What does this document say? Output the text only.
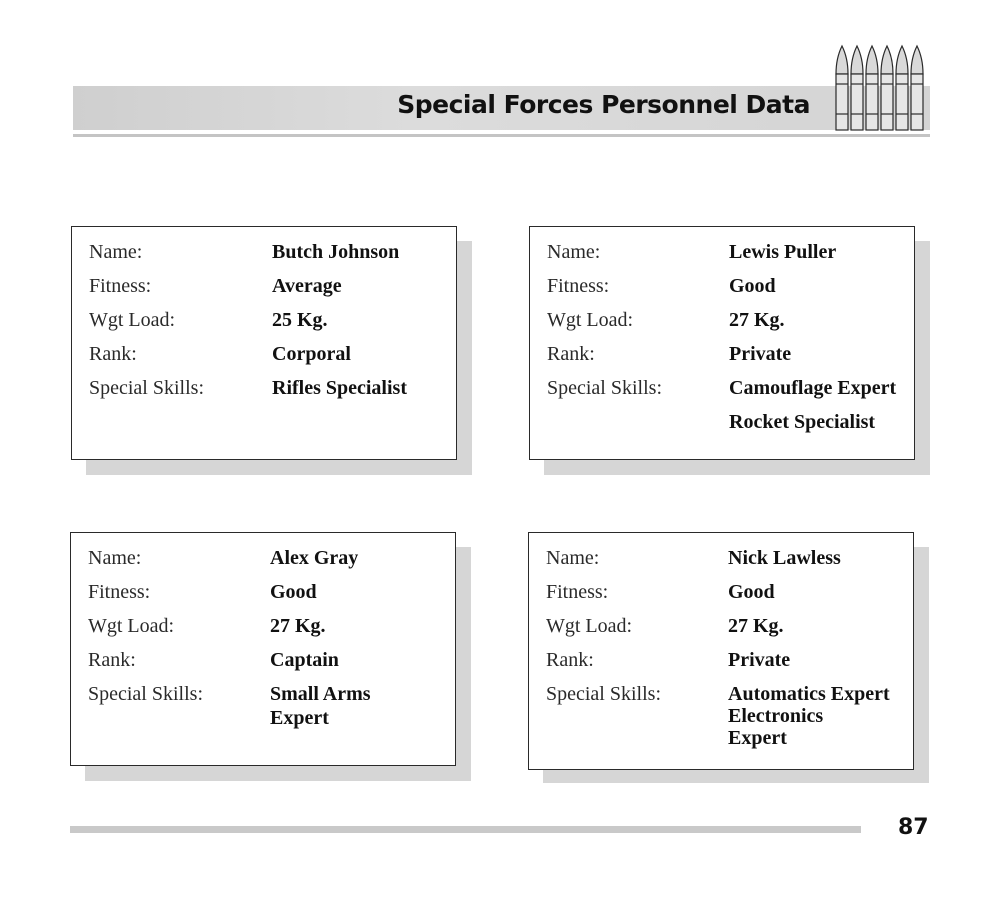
Special Forces Personnel Data
Name:	Butch Johnson
Fitness:	Average
Wgt Load:	25 Kg.
Rank:	Corporal
Special Skills:	Rifles Specialist
Name:	Lewis Puller
Fitness:	Good
Wgt Load:	27 Kg.
Rank:	Private
Special Skills:	Camouflage Expert
Rocket Specialist
Name:	Alex Gray
Fitness:	Good
Wgt Load:	27 Kg.
Rank:	Captain
Special Skills:	Small Arms
Expert
Name:	Nick Lawless
Fitness:	Good
Wgt Load:	27 Kg.
Rank:	Private
Special Skills:	Automatics Expert
Electronics
Expert
87
